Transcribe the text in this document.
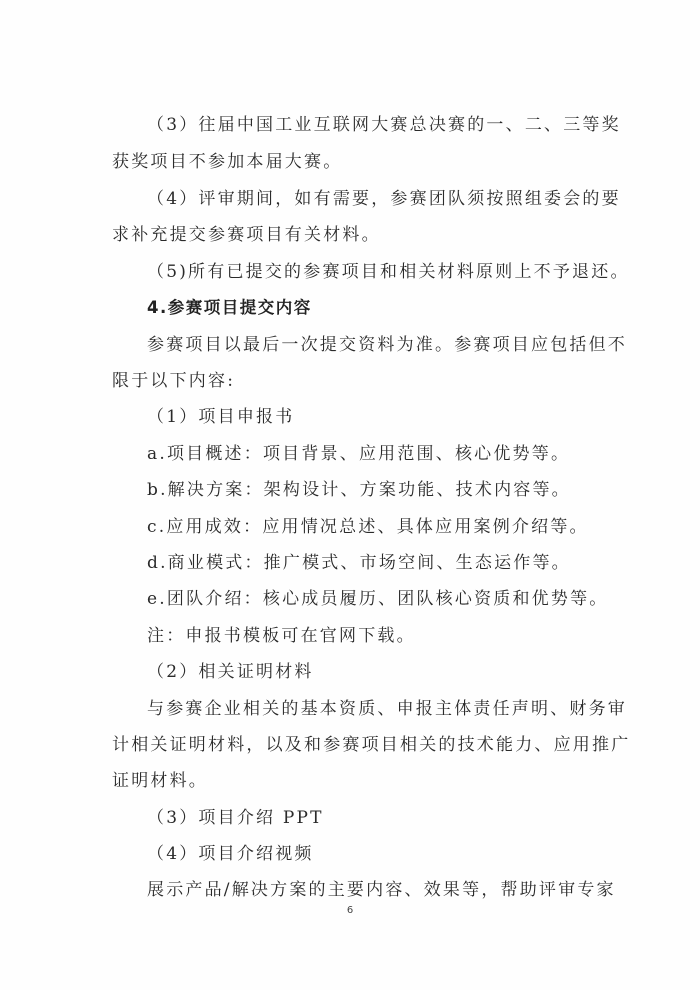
（3）往届中国工业互联网大赛总决赛的一、二、三等奖
获奖项目不参加本届大赛。
（4）评审期间，如有需要，参赛团队须按照组委会的要
求补充提交参赛项目有关材料。
（5)所有已提交的参赛项目和相关材料原则上不予退还。
4.参赛项目提交内容
参赛项目以最后一次提交资料为准。参赛项目应包括但不
限于以下内容:
（1）项目申报书
a.项目概述：项目背景、应用范围、核心优势等。
b.解决方案：架构设计、方案功能、技术内容等。
c.应用成效：应用情况总述、具体应用案例介绍等。
d.商业模式：推广模式、市场空间、生态运作等。
e.团队介绍：核心成员履历、团队核心资质和优势等。
注：申报书模板可在官网下载。
（2）相关证明材料
与参赛企业相关的基本资质、申报主体责任声明、财务审
计相关证明材料，以及和参赛项目相关的技术能力、应用推广
证明材料。
（3）项目介绍 PPT
（4）项目介绍视频
展示产品/解决方案的主要内容、效果等，帮助评审专家
6
